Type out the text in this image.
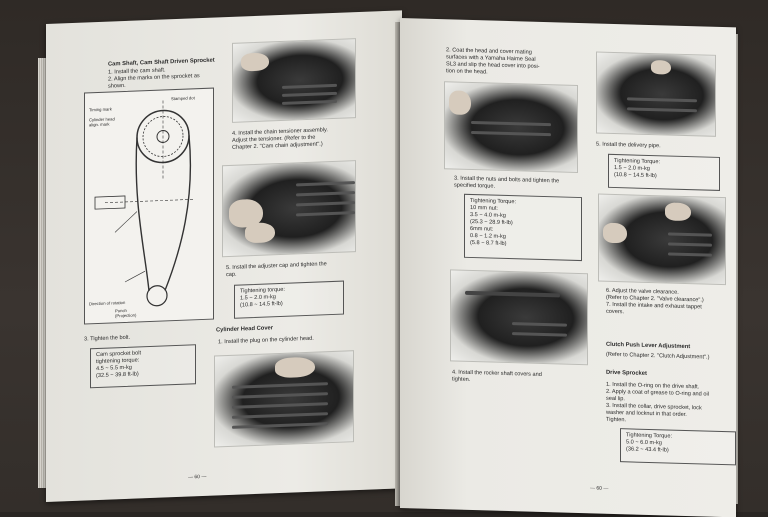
Cam Shaft, Cam Shaft Driven Sprocket
1. Install the cam shaft.
2. Align the marks on the sprocket as
shown.
Timing mark
Cylinder head
align. mark
Stamped dot
Direction of rotation
Punch
(Projection)
3. Tighten the bolt.
Cam sprocket bolt
tightening torque:
4.5 ~ 5.5 m-kg
(32.5 ~ 39.8 ft-lb)
4. Install the chain tensioner assembly.
Adjust the tensioner. (Refer to the
Chapter 2. "Cam chain adjustment".)
5. Install the adjuster cap and tighten the
cap.
Tightening torque:
1.5 ~ 2.0 m-kg
(10.8 ~ 14.5 ft-lb)
Cylinder Head Cover
1. Install the plug on the cylinder head.
— 60 —
2. Coat the head and cover mating
surfaces with a Yamaha Haime Seal
SL3 and slip the head cover into posi-
tion on the head.
3. Install the nuts and bolts and tighten the
specified torque.
Tightening Torque:
10 mm nut:
3.5 ~ 4.0 m-kg
(25.3 ~ 28.9 ft-lb)
6mm nut:
0.8 ~ 1.2 m-kg
(5.8 ~ 8.7 ft-lb)
4. Install the rocker shaft covers and
tighten.
5. Install the delivery pipe.
Tightening Torque:
1.5 ~ 2.0 m-kg
(10.8 ~ 14.5 ft-lb)
6. Adjust the valve clearance.
(Refer to Chapter 2. "Valve clearance".)
7. Install the intake and exhaust tappet
covers.
Clutch Push Lever Adjustment
(Refer to Chapter 2. "Clutch Adjustment".)
Drive Sprocket
1. Install the O-ring on the drive shaft.
2. Apply a coat of grease to O-ring and oil
seal lip.
3. Install the collar, drive sprocket, lock
washer and locknut in that order.
Tighten.
Tightening Torque:
5.0 ~ 6.0 m-kg
(36.2 ~ 43.4 ft-lb)
— 60 —
